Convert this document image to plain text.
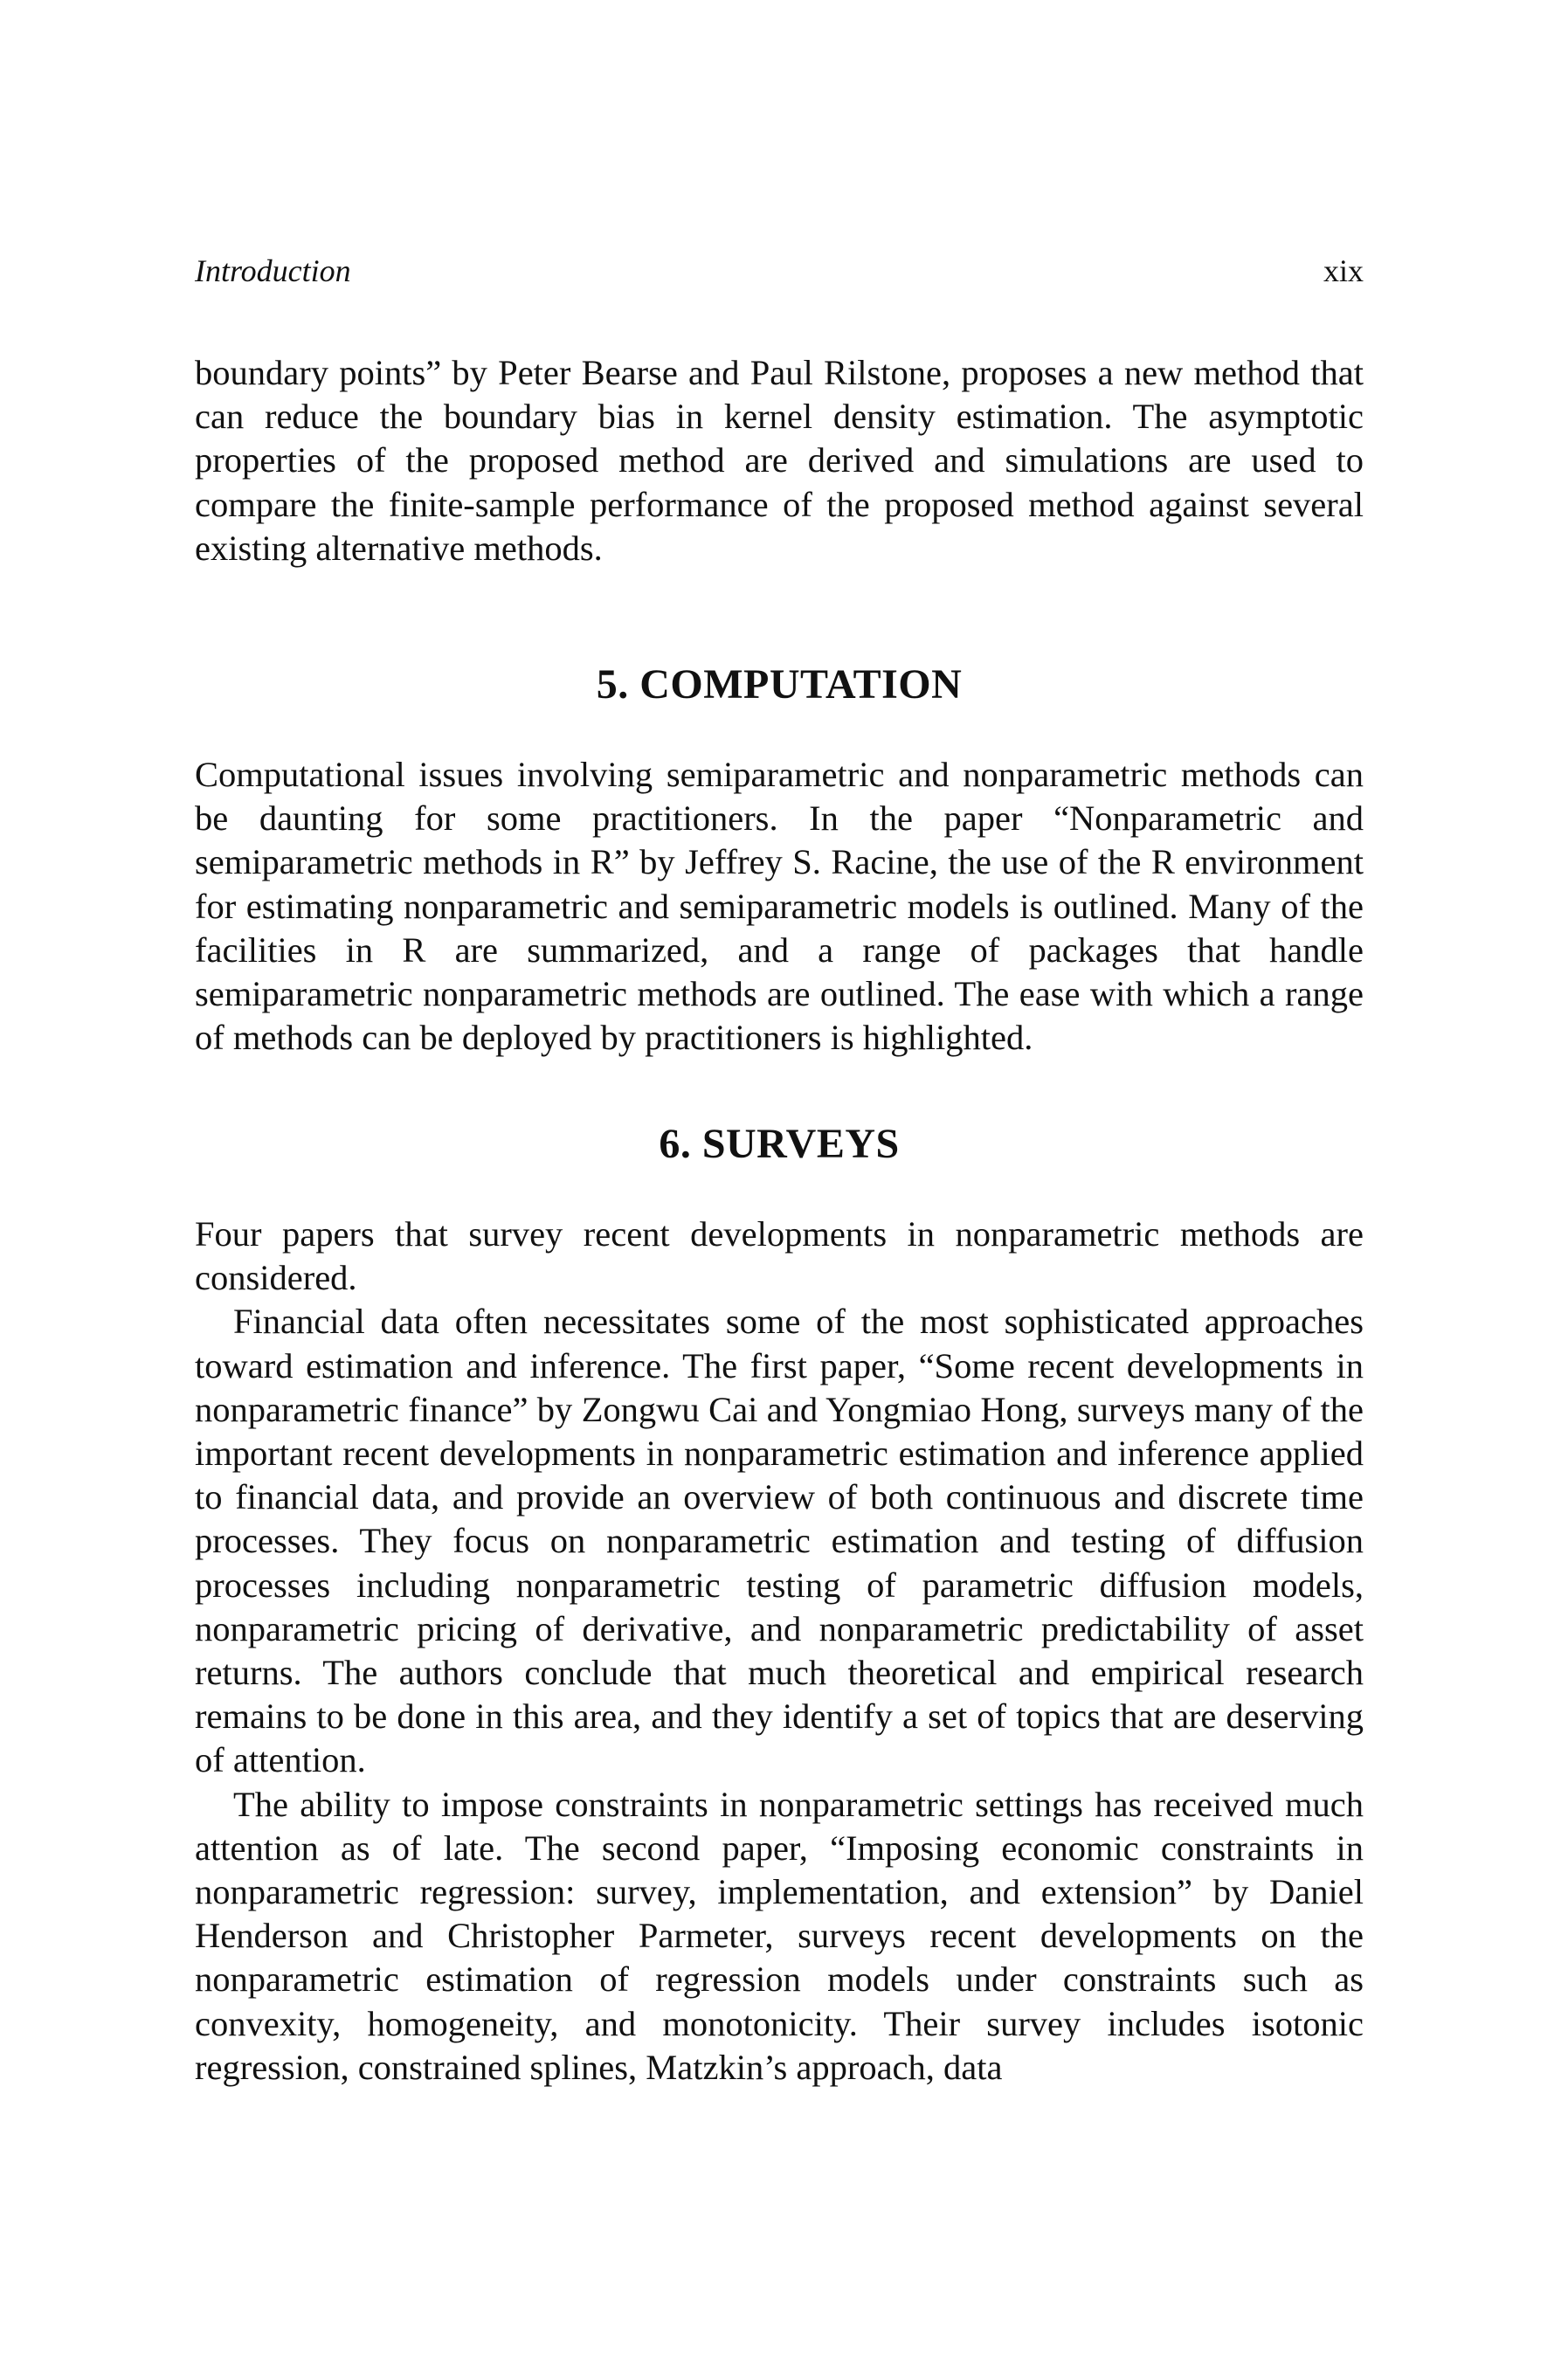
Introduction	xix

boundary points” by Peter Bearse and Paul Rilstone, proposes a new method that can reduce the boundary bias in kernel density estimation. The asymptotic properties of the proposed method are derived and simulations are used to compare the finite-sample performance of the proposed method against several existing alternative methods.

5. COMPUTATION

Computational issues involving semiparametric and nonparametric methods can be daunting for some practitioners. In the paper “Nonparametric and semiparametric methods in R” by Jeffrey S. Racine, the use of the R environment for estimating nonparametric and semiparametric models is outlined. Many of the facilities in R are summarized, and a range of packages that handle semiparametric nonparametric methods are outlined. The ease with which a range of methods can be deployed by practitioners is highlighted.

6. SURVEYS

Four papers that survey recent developments in nonparametric methods are considered.

Financial data often necessitates some of the most sophisticated approaches toward estimation and inference. The first paper, “Some recent developments in nonparametric finance” by Zongwu Cai and Yongmiao Hong, surveys many of the important recent developments in nonparametric estimation and inference applied to financial data, and provide an overview of both continuous and discrete time processes. They focus on nonparametric estimation and testing of diffusion processes including nonparametric testing of parametric diffusion models, nonparametric pricing of derivative, and nonparametric predictability of asset returns. The authors conclude that much theoretical and empirical research remains to be done in this area, and they identify a set of topics that are deserving of attention.

The ability to impose constraints in nonparametric settings has received much attention as of late. The second paper, “Imposing economic constraints in nonparametric regression: survey, implementation, and extension” by Daniel Henderson and Christopher Parmeter, surveys recent developments on the nonparametric estimation of regression models under constraints such as convexity, homogeneity, and monotonicity. Their survey includes isotonic regression, constrained splines, Matzkin’s approach, data
